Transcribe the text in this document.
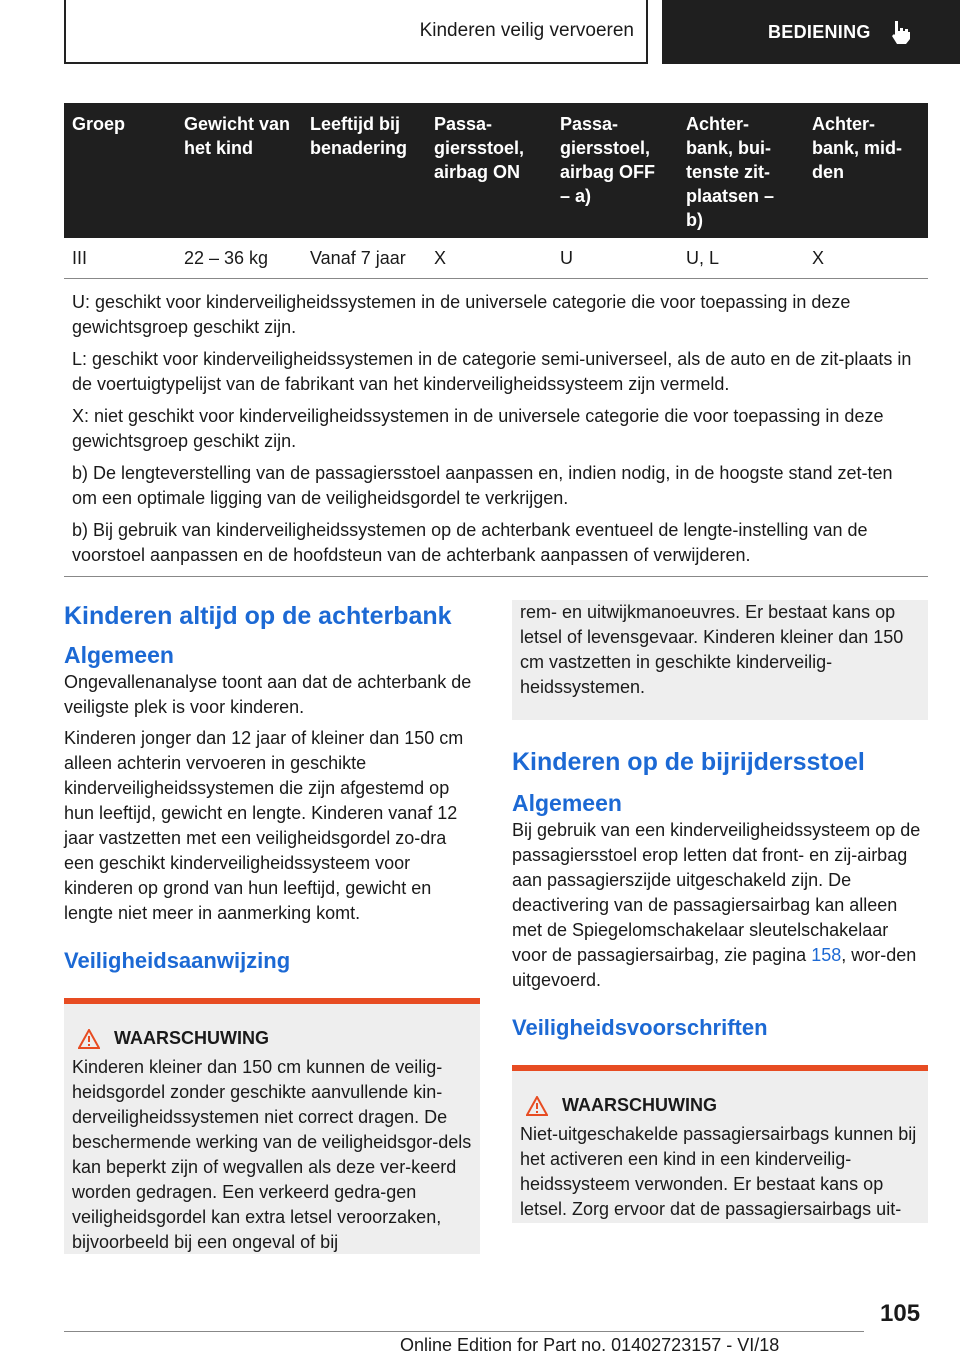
Kinderen veilig vervoeren	BEDIENING
Groep	Gewicht van het kind	Leeftijd bij benadering	Passa-giersstoel, airbag ON	Passa-giersstoel, airbag OFF – a)	Achter-bank, bui-tenste zit-plaatsen – b)	Achter-bank, mid-den
III	22 – 36 kg	Vanaf 7 jaar	X	U	U, L	X

U: geschikt voor kinderveiligheidssystemen in de universele categorie die voor toepassing in deze gewichtsgroep geschikt zijn.

L: geschikt voor kinderveiligheidssystemen in de categorie semi-universeel, als de auto en de zit-plaats in de voertuigtypelijst van de fabrikant van het kinderveiligheidssysteem zijn vermeld.

X: niet geschikt voor kinderveiligheidssystemen in de universele categorie die voor toepassing in deze gewichtsgroep geschikt zijn.

b) De lengteverstelling van de passagiersstoel aanpassen en, indien nodig, in de hoogste stand zet-ten om een optimale ligging van de veiligheidsgordel te verkrijgen.

b) Bij gebruik van kinderveiligheidssystemen op de achterbank eventueel de lengte-instelling van de voorstoel aanpassen en de hoofdsteun van de achterbank aanpassen of verwijderen.

Kinderen altijd op de achterbank
Algemeen

Ongevallenanalyse toont aan dat de achterbank de veiligste plek is voor kinderen.

Kinderen jonger dan 12 jaar of kleiner dan 150 cm alleen achterin vervoeren in geschikte kinderveiligheidssystemen die zijn afgestemd op hun leeftijd, gewicht en lengte. Kinderen vanaf 12 jaar vastzetten met een veiligheidsgordel zo-dra een geschikt kinderveiligheidssysteem voor kinderen op grond van hun leeftijd, gewicht en lengte niet meer in aanmerking komt.

Veiligheidsaanwijzing
WAARSCHUWING
Kinderen kleiner dan 150 cm kunnen de veilig-heidsgordel zonder geschikte aanvullende kin-derveiligheidssystemen niet correct dragen. De beschermende werking van de veiligheidsgor-dels kan beperkt zijn of wegvallen als deze ver-keerd worden gedragen. Een verkeerd gedra-gen veiligheidsgordel kan extra letsel veroorzaken, bijvoorbeeld bij een ongeval of bij
rem- en uitwijkmanoeuvres. Er bestaat kans op letsel of levensgevaar. Kinderen kleiner dan 150 cm vastzetten in geschikte kinderveilig-heidssystemen.
Kinderen op de bijrijdersstoel
Algemeen

Bij gebruik van een kinderveiligheidssysteem op de passagiersstoel erop letten dat front- en zij-airbag aan passagierszijde uitgeschakeld zijn. De deactivering van de passagiersairbag kan alleen met de Spiegelomschakelaar sleutelschakelaar voor de passagiersairbag, zie pagina 158, wor-den uitgevoerd.

Veiligheidsvoorschriften
WAARSCHUWING
Niet-uitgeschakelde passagiersairbags kunnen bij het activeren een kind in een kinderveilig-heidssysteem verwonden. Er bestaat kans op letsel. Zorg ervoor dat de passagiersairbags uit-
105
Online Edition for Part no. 01402723157 - VI/18
